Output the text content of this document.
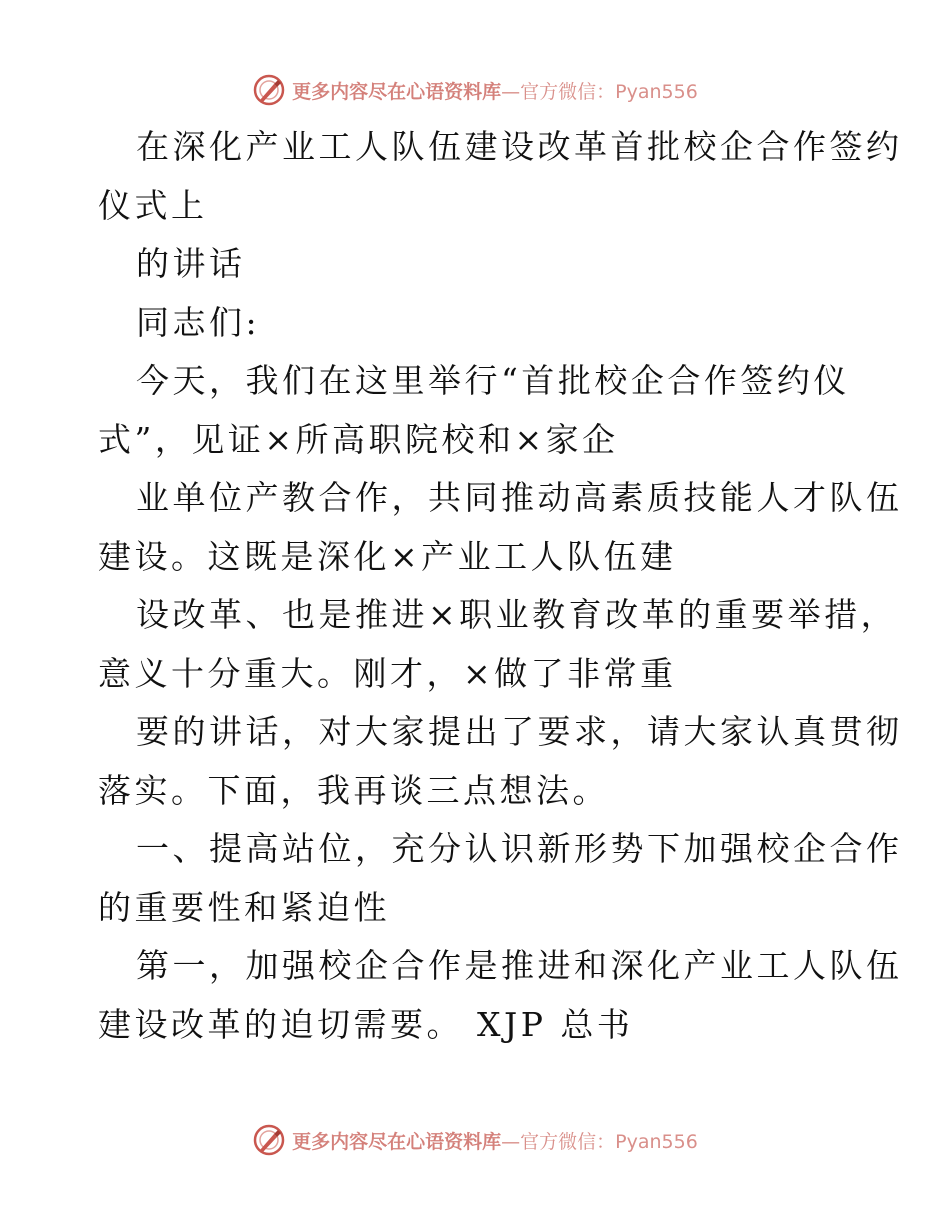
更多内容尽在心语资料库—官方微信：Pyan556
在深化产业工人队伍建设改革首批校企合作签约
仪式上
的讲话
同志们:
今天，我们在这里举行“首批校企合作签约仪
式”，见证×所高职院校和×家企
业单位产教合作，共同推动高素质技能人才队伍
建设。这既是深化×产业工人队伍建
设改革、也是推进×职业教育改革的重要举措，
意义十分重大。刚才，×做了非常重
要的讲话，对大家提出了要求，请大家认真贯彻
落实。下面，我再谈三点想法。
一、提高站位，充分认识新形势下加强校企合作
的重要性和紧迫性
第一，加强校企合作是推进和深化产业工人队伍
建设改革的迫切需要。 XJP 总书
更多内容尽在心语资料库—官方微信：Pyan556
